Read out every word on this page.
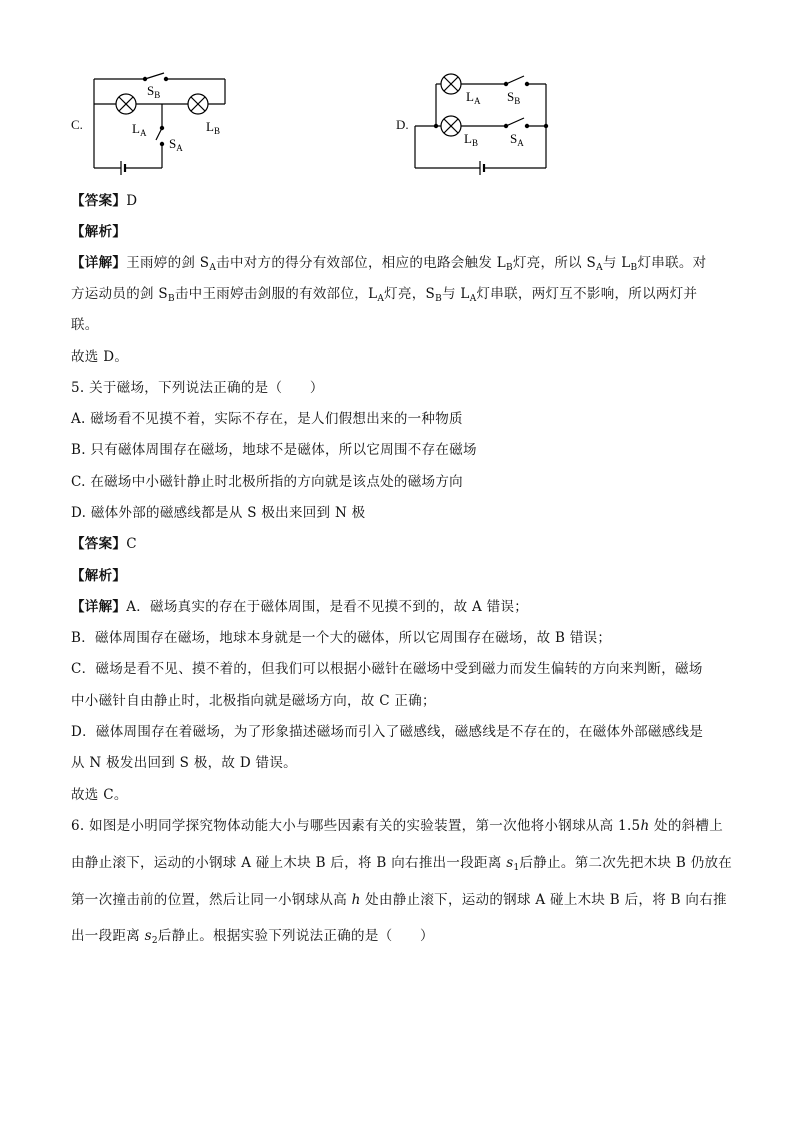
C.
$S_B$
$L_A$	$L_B$
$S_A$
D.
$L_A$ $S_B$
$L_B$ $S_A$
【答案】D
【解析】
【详解】王雨婷的剑 $S_A$击中对方的得分有效部位，相应的电路会触发 $L_B$灯亮，所以 $S_A$与 $L_B$灯串联。对
方运动员的剑 $S_B$击中王雨婷击剑服的有效部位，$L_A$灯亮，$S_B$与 $L_A$灯串联，两灯互不影响，所以两灯并
联。
故选 D。
5. 关于磁场，下列说法正确的是（　　）
A. 磁场看不见摸不着，实际不存在，是人们假想出来的一种物质
B. 只有磁体周围存在磁场，地球不是磁体，所以它周围不存在磁场
C. 在磁场中小磁针静止时北极所指的方向就是该点处的磁场方向
D. 磁体外部的磁感线都是从 S 极出来回到 N 极
【答案】C
【解析】
【详解】A．磁场真实的存在于磁体周围，是看不见摸不到的，故 A 错误；
B．磁体周围存在磁场，地球本身就是一个大的磁体，所以它周围存在磁场，故 B 错误；
C．磁场是看不见、摸不着的，但我们可以根据小磁针在磁场中受到磁力而发生偏转的方向来判断，磁场
中小磁针自由静止时，北极指向就是磁场方向，故 C 正确；
D．磁体周围存在着磁场，为了形象描述磁场而引入了磁感线，磁感线是不存在的，在磁体外部磁感线是
从 N 极发出回到 S 极，故 D 错误。
故选 C。
6. 如图是小明同学探究物体动能大小与哪些因素有关的实验装置，第一次他将小钢球从高 1.5h 处的斜槽上
由静止滚下，运动的小钢球 A 碰上木块 B 后，将 B 向右推出一段距离 $s_1$后静止。第二次先把木块 B 仍放在
第一次撞击前的位置，然后让同一小钢球从高 h 处由静止滚下，运动的钢球 A 碰上木块 B 后，将 B 向右推
出一段距离 $s_2$后静止。根据实验下列说法正确的是（　　）
